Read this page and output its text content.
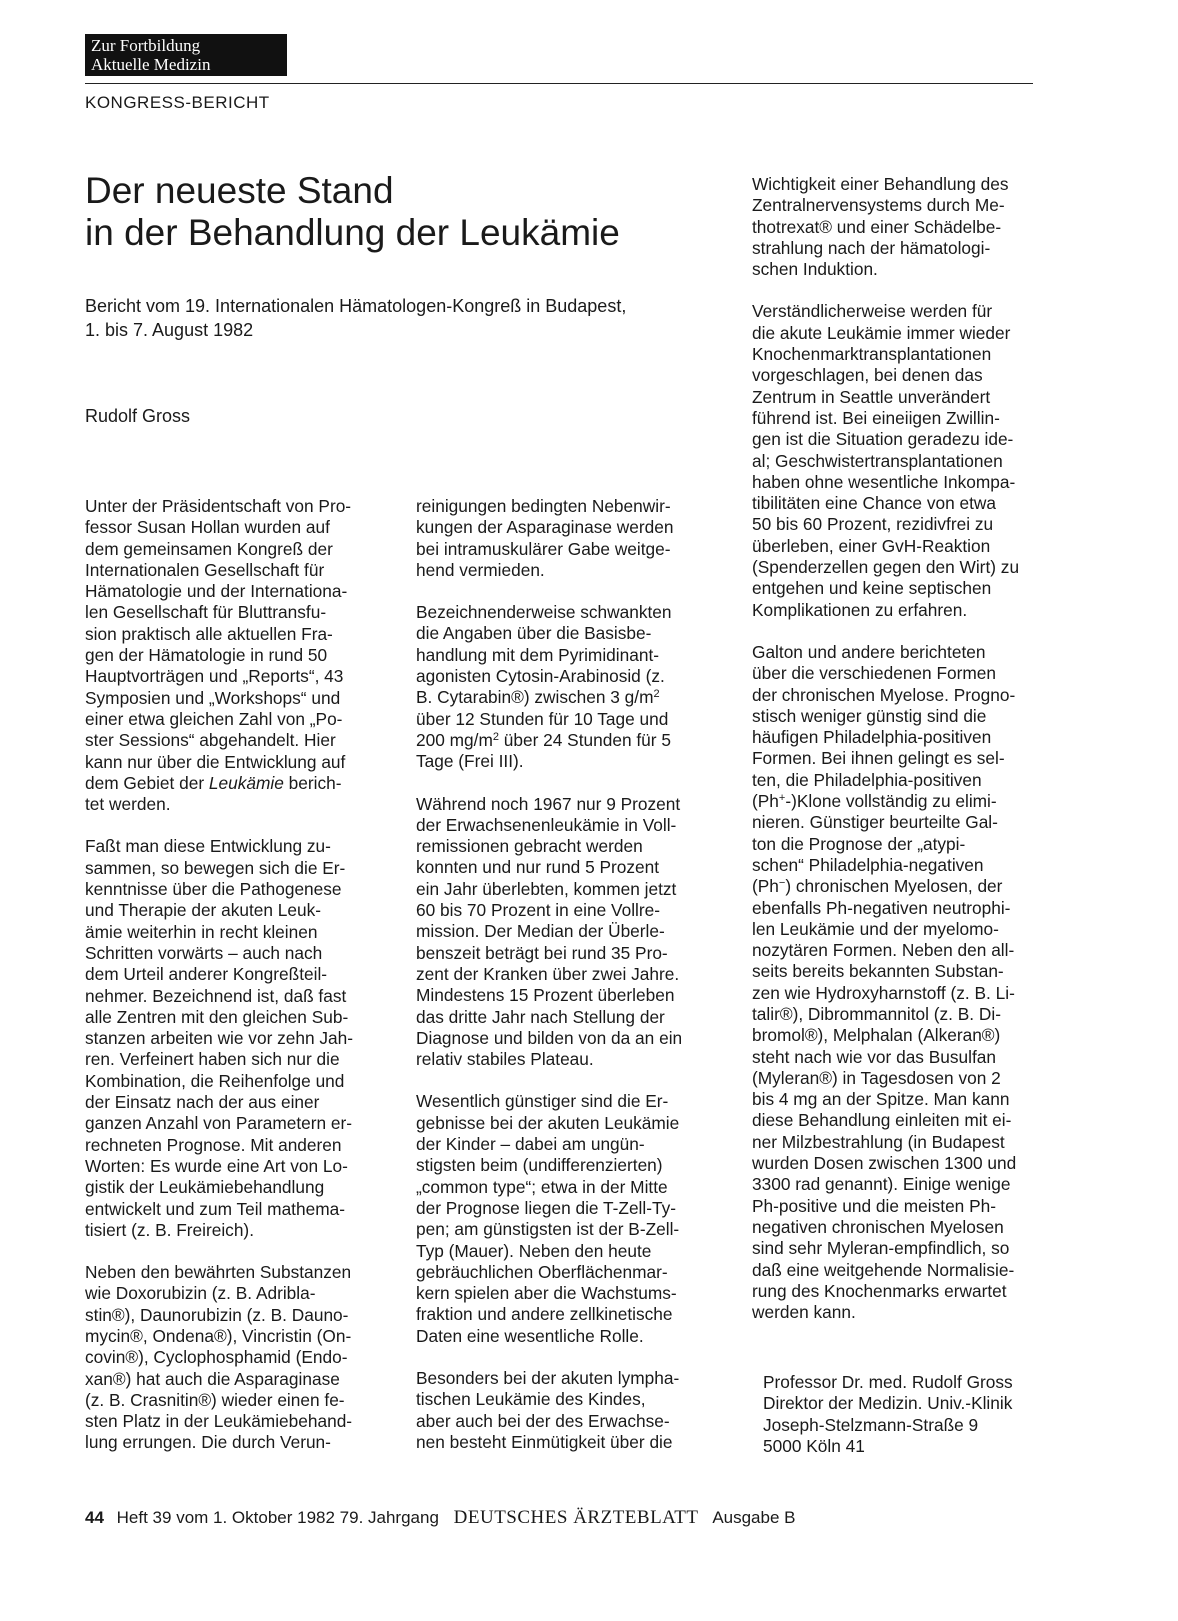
Zur Fortbildung
Aktuelle Medizin
KONGRESS-BERICHT
Der neueste Stand
in der Behandlung der Leukämie
Bericht vom 19. Internationalen Hämatologen-Kongreß in Budapest,
1. bis 7. August 1982
Rudolf Gross
Unter der Präsidentschaft von Pro-
fessor Susan Hollan wurden auf
dem gemeinsamen Kongreß der
Internationalen Gesellschaft für
Hämatologie und der Internationa-
len Gesellschaft für Bluttransfu-
sion praktisch alle aktuellen Fra-
gen der Hämatologie in rund 50
Hauptvorträgen und „Reports“, 43
Symposien und „Workshops“ und
einer etwa gleichen Zahl von „Po-
ster Sessions“ abgehandelt. Hier
kann nur über die Entwicklung auf
dem Gebiet der Leukämie berich-
tet werden.
Faßt man diese Entwicklung zu-
sammen, so bewegen sich die Er-
kenntnisse über die Pathogenese
und Therapie der akuten Leuk-
ämie weiterhin in recht kleinen
Schritten vorwärts – auch nach
dem Urteil anderer Kongreßteil-
nehmer. Bezeichnend ist, daß fast
alle Zentren mit den gleichen Sub-
stanzen arbeiten wie vor zehn Jah-
ren. Verfeinert haben sich nur die
Kombination, die Reihenfolge und
der Einsatz nach der aus einer
ganzen Anzahl von Parametern er-
rechneten Prognose. Mit anderen
Worten: Es wurde eine Art von Lo-
gistik der Leukämiebehandlung
entwickelt und zum Teil mathema-
tisiert (z. B. Freireich).
Neben den bewährten Substanzen
wie Doxorubizin (z. B. Adribla-
stin®), Daunorubizin (z. B. Dauno-
mycin®, Ondena®), Vincristin (On-
covin®), Cyclophosphamid (Endo-
xan®) hat auch die Asparaginase
(z. B. Crasnitin®) wieder einen fe-
sten Platz in der Leukämiebehand-
lung errungen. Die durch Verun-
reinigungen bedingten Nebenwir-
kungen der Asparaginase werden
bei intramuskulärer Gabe weitge-
hend vermieden.
Bezeichnenderweise schwankten
die Angaben über die Basisbe-
handlung mit dem Pyrimidinant-
agonisten Cytosin-Arabinosid (z.
B. Cytarabin®) zwischen 3 $g/m^2$
über 12 Stunden für 10 Tage und
200 $mg/m^2$ über 24 Stunden für 5
Tage (Frei III).
Während noch 1967 nur 9 Prozent
der Erwachsenenleukämie in Voll-
remissionen gebracht werden
konnten und nur rund 5 Prozent
ein Jahr überlebten, kommen jetzt
60 bis 70 Prozent in eine Vollre-
mission. Der Median der Überle-
benszeit beträgt bei rund 35 Pro-
zent der Kranken über zwei Jahre.
Mindestens 15 Prozent überleben
das dritte Jahr nach Stellung der
Diagnose und bilden von da an ein
relativ stabiles Plateau.
Wesentlich günstiger sind die Er-
gebnisse bei der akuten Leukämie
der Kinder – dabei am ungün-
stigsten beim (undifferenzierten)
„common type“; etwa in der Mitte
der Prognose liegen die T-Zell-Ty-
pen; am günstigsten ist der B-Zell-
Typ (Mauer). Neben den heute
gebräuchlichen Oberflächenmar-
kern spielen aber die Wachstums-
fraktion und andere zellkinetische
Daten eine wesentliche Rolle.
Besonders bei der akuten lympha-
tischen Leukämie des Kindes,
aber auch bei der des Erwachse-
nen besteht Einmütigkeit über die
Wichtigkeit einer Behandlung des
Zentralnervensystems durch Me-
thotrexat® und einer Schädelbe-
strahlung nach der hämatologi-
schen Induktion.
Verständlicherweise werden für
die akute Leukämie immer wieder
Knochenmarktransplantationen
vorgeschlagen, bei denen das
Zentrum in Seattle unverändert
führend ist. Bei eineiigen Zwillin-
gen ist die Situation geradezu ide-
al; Geschwistertransplantationen
haben ohne wesentliche Inkompa-
tibilitäten eine Chance von etwa
50 bis 60 Prozent, rezidivfrei zu
überleben, einer GvH-Reaktion
(Spenderzellen gegen den Wirt) zu
entgehen und keine septischen
Komplikationen zu erfahren.
Galton und andere berichteten
über die verschiedenen Formen
der chronischen Myelose. Progno-
stisch weniger günstig sind die
häufigen Philadelphia-positiven
Formen. Bei ihnen gelingt es sel-
ten, die Philadelphia-positiven
(Ph+-)Klone vollständig zu elimi-
nieren. Günstiger beurteilte Gal-
ton die Prognose der „atypi-
schen“ Philadelphia-negativen
(Ph−) chronischen Myelosen, der
ebenfalls Ph-negativen neutrophi-
len Leukämie und der myelomo-
nozytären Formen. Neben den all-
seits bereits bekannten Substan-
zen wie Hydroxyharnstoff (z. B. Li-
talir®), Dibrommannitol (z. B. Di-
bromol®), Melphalan (Alkeran®)
steht nach wie vor das Busulfan
(Myleran®) in Tagesdosen von 2
bis 4 mg an der Spitze. Man kann
diese Behandlung einleiten mit ei-
ner Milzbestrahlung (in Budapest
wurden Dosen zwischen 1300 und
3300 rad genannt). Einige wenige
Ph-positive und die meisten Ph-
negativen chronischen Myelosen
sind sehr Myleran-empfindlich, so
daß eine weitgehende Normalisie-
rung des Knochenmarks erwartet
werden kann.
Professor Dr. med. Rudolf Gross
Direktor der Medizin. Univ.-Klinik
Joseph-Stelzmann-Straße 9
5000 Köln 41
44 Heft 39 vom 1. Oktober 1982 79. Jahrgang DEUTSCHES ÄRZTEBLATT Ausgabe B
